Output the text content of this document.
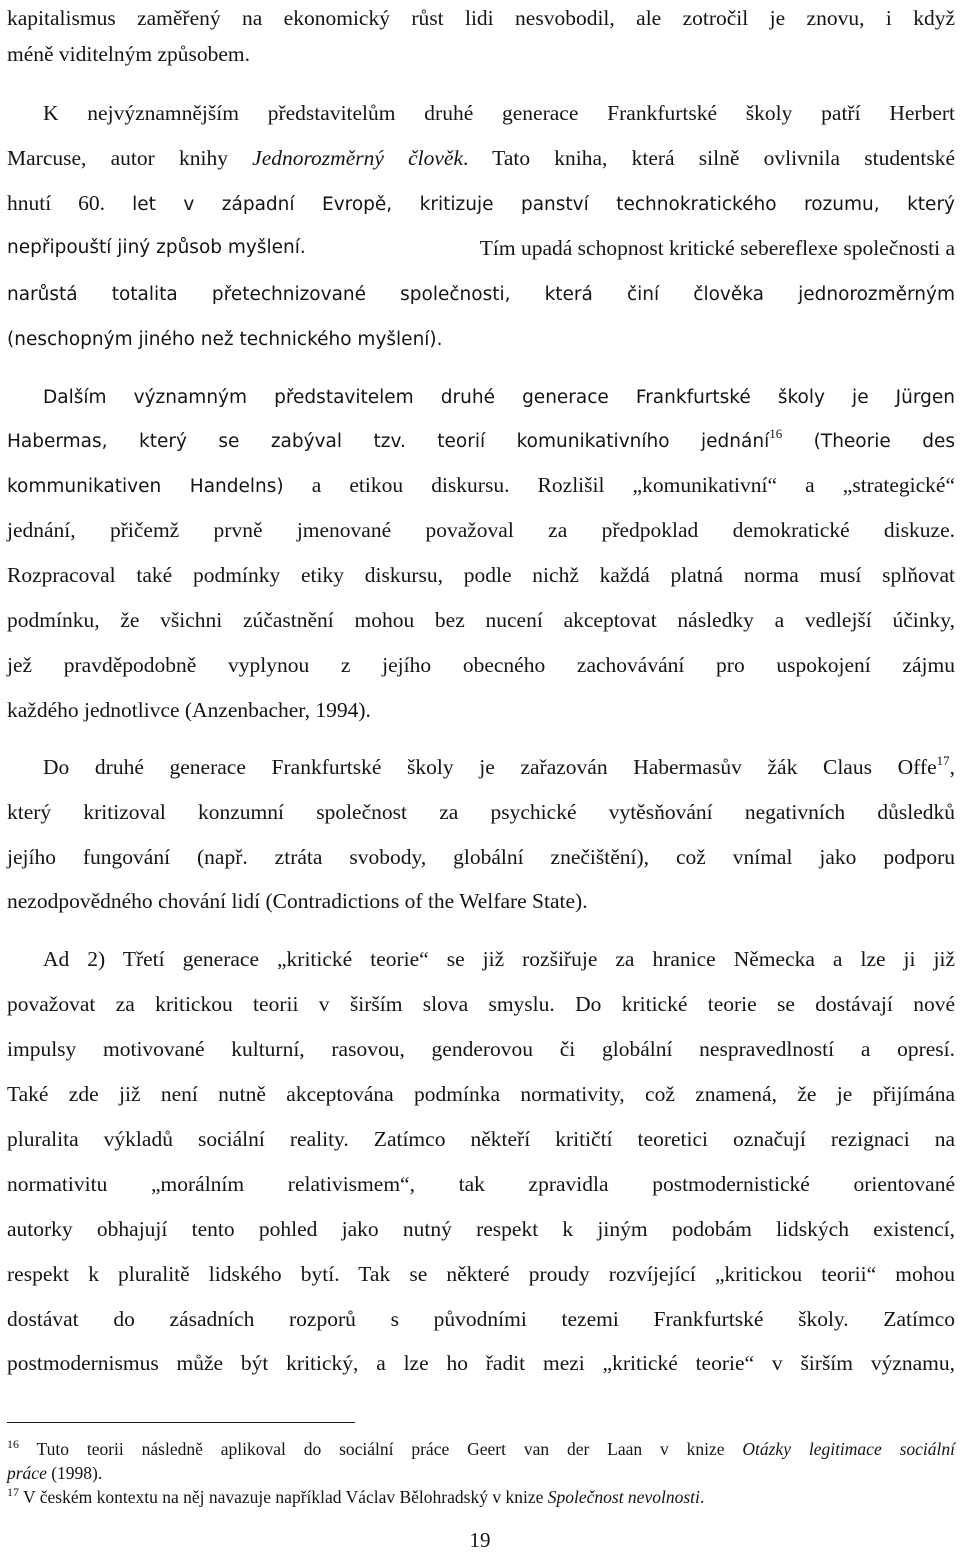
kapitalismus zaměřený na ekonomický růst lidi nesvobodil, ale zotročil je znovu, i když

méně viditelným způsobem.

K nejvýznamnějším představitelům druhé generace Frankfurtské školy patří Herbert

Marcuse, autor knihy Jednorozměrný člověk. Tato kniha, která silně ovlivnila studentské

hnutí 60. let v západní Evropě, kritizuje panství technokratického rozumu, který

nepřipouští jiný způsob myšlení.	Tím upadá schopnost kritické sebereflexe společnosti a

narůstá totalita přetechnizované společnosti, která činí člověka jednorozměrným

(neschopným jiného než technického myšlení).

Dalším významným představitelem druhé generace Frankfurtské školy je Jürgen

Habermas, který se zabýval tzv. teorií komunikativního jednání$^{16}$ (Theorie des

kommunikativen Handelns) a etikou diskursu. Rozlišil „komunikativní“ a „strategické“

jednání, přičemž prvně jmenované považoval za předpoklad demokratické diskuze.

Rozpracoval také podmínky etiky diskursu, podle nichž každá platná norma musí splňovat

podmínku, že všichni zúčastnění mohou bez nucení akceptovat následky a vedlejší účinky,

jež pravděpodobně vyplynou z jejího obecného zachovávání pro uspokojení zájmu

každého jednotlivce (Anzenbacher, 1994).

Do druhé generace Frankfurtské školy je zařazován Habermasův žák Claus Offe$^{17}$,

který kritizoval konzumní společnost za psychické vytěsňování negativních důsledků

jejího fungování (např. ztráta svobody, globální znečištění), což vnímal jako podporu

nezodpovědného chování lidí (Contradictions of the Welfare State).

Ad 2) Třetí generace „kritické teorie“ se již rozšiřuje za hranice Německa a lze ji již

považovat za kritickou teorii v širším slova smyslu. Do kritické teorie se dostávají nové

impulsy motivované kulturní, rasovou, genderovou či globální nespravedlností a opresí.

Také zde již není nutně akceptována podmínka normativity, což znamená, že je přijímána

pluralita výkladů sociální reality. Zatímco někteří kritičtí teoretici označují rezignaci na

normativitu „morálním relativismem“, tak zpravidla postmodernistické orientované

autorky obhajují tento pohled jako nutný respekt k jiným podobám lidských existencí,

respekt k pluralitě lidského bytí. Tak se některé proudy rozvíjející „kritickou teorii“ mohou

dostávat do zásadních rozporů s původními tezemi Frankfurtské školy. Zatímco

postmodernismus může být kritický, a lze ho řadit mezi „kritické teorie“ v širším významu,

$^{16}$ Tuto teorii následně aplikoval do sociální práce Geert van der Laan v knize Otázky legitimace sociální
práce (1998).
$^{17}$ V českém kontextu na něj navazuje například Václav Bělohradský v knize Společnost nevolnosti.
19
